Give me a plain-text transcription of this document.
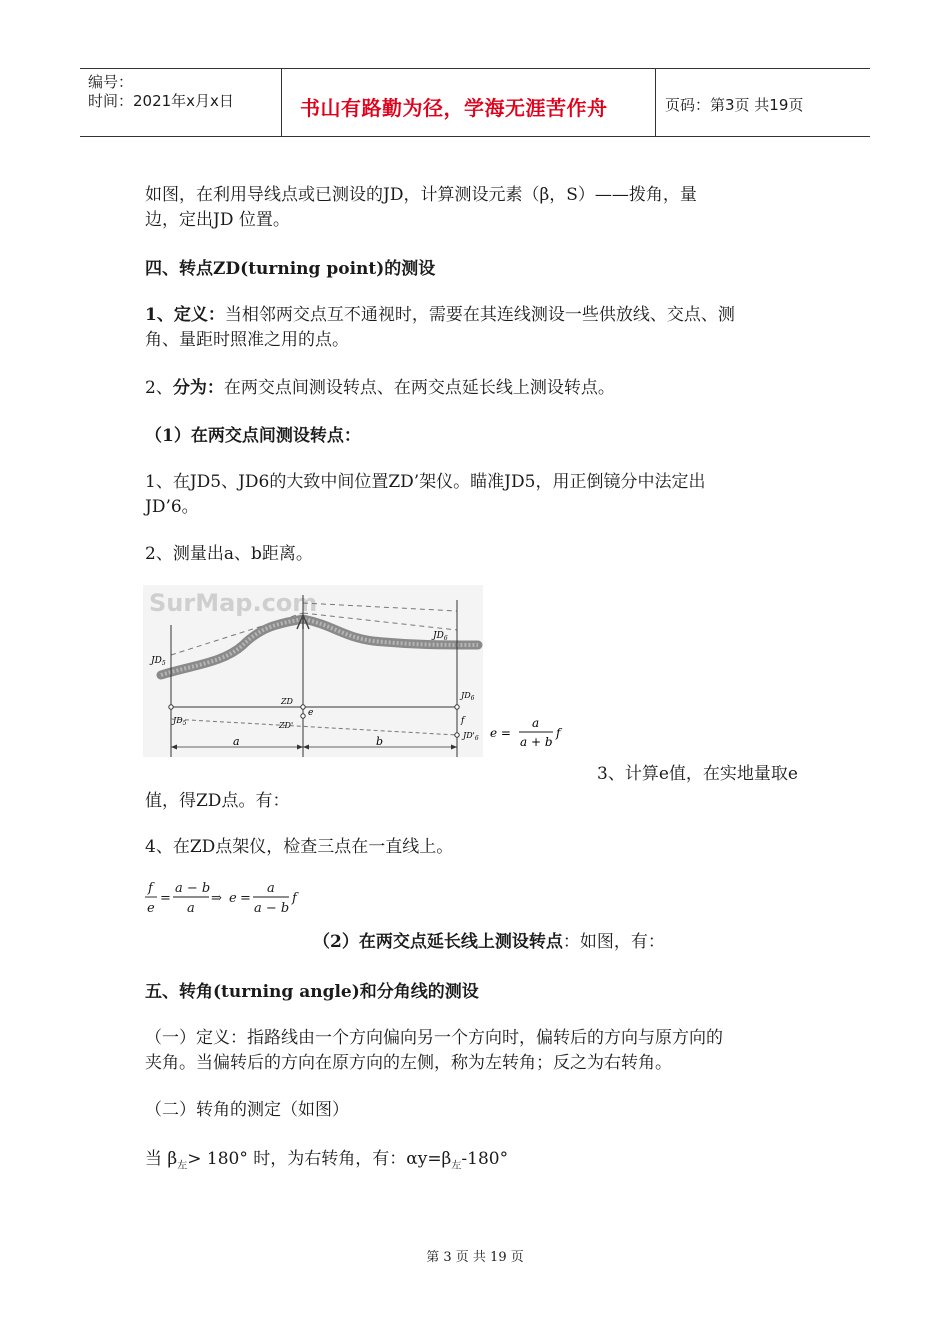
编号：
时间：2021年x月x日	书山有路勤为径，学海无涯苦作舟	页码：第3页 共19页
如图，在利用导线点或已测设的JD，计算测设元素（β，S）——拨角，量
边，定出JD 位置。
四、转点ZD(turning point)的测设
1、定义：当相邻两交点互不通视时，需要在其连线测设一些供放线、交点、测
角、量距时照准之用的点。
2、分为：在两交点间测设转点、在两交点延长线上测设转点。
（1）在两交点间测设转点：
1、在JD5、JD6的大致中间位置ZD’架仪。瞄准JD5，用正倒镜分中法定出
JD’6。
2、测量出a、b距离。
SurMap.com
$JD_5$
$JD_6$
ZD
e
ZD'
$JD_5$
$JD_6$
f
$JD'_6$
a	b
e =
a
a + b
f
3、计算e值，在实地量取e
值，得ZD点。有：
4、在ZD点架仪，检查三点在一直线上。
f
e
=
a − b
a
⇒ e =
a
a − b
f
（2）在两交点延长线上测设转点：如图，有：
五、转角(turning angle)和分角线的测设
（一）定义：指路线由一个方向偏向另一个方向时，偏转后的方向与原方向的
夹角。当偏转后的方向在原方向的左侧，称为左转角；反之为右转角。
（二）转角的测定（如图）
当 $\beta_左> 180^\circ$ 时，为右转角，有：$\alpha y=\beta_左-180^\circ$
第 3 页 共 19 页
